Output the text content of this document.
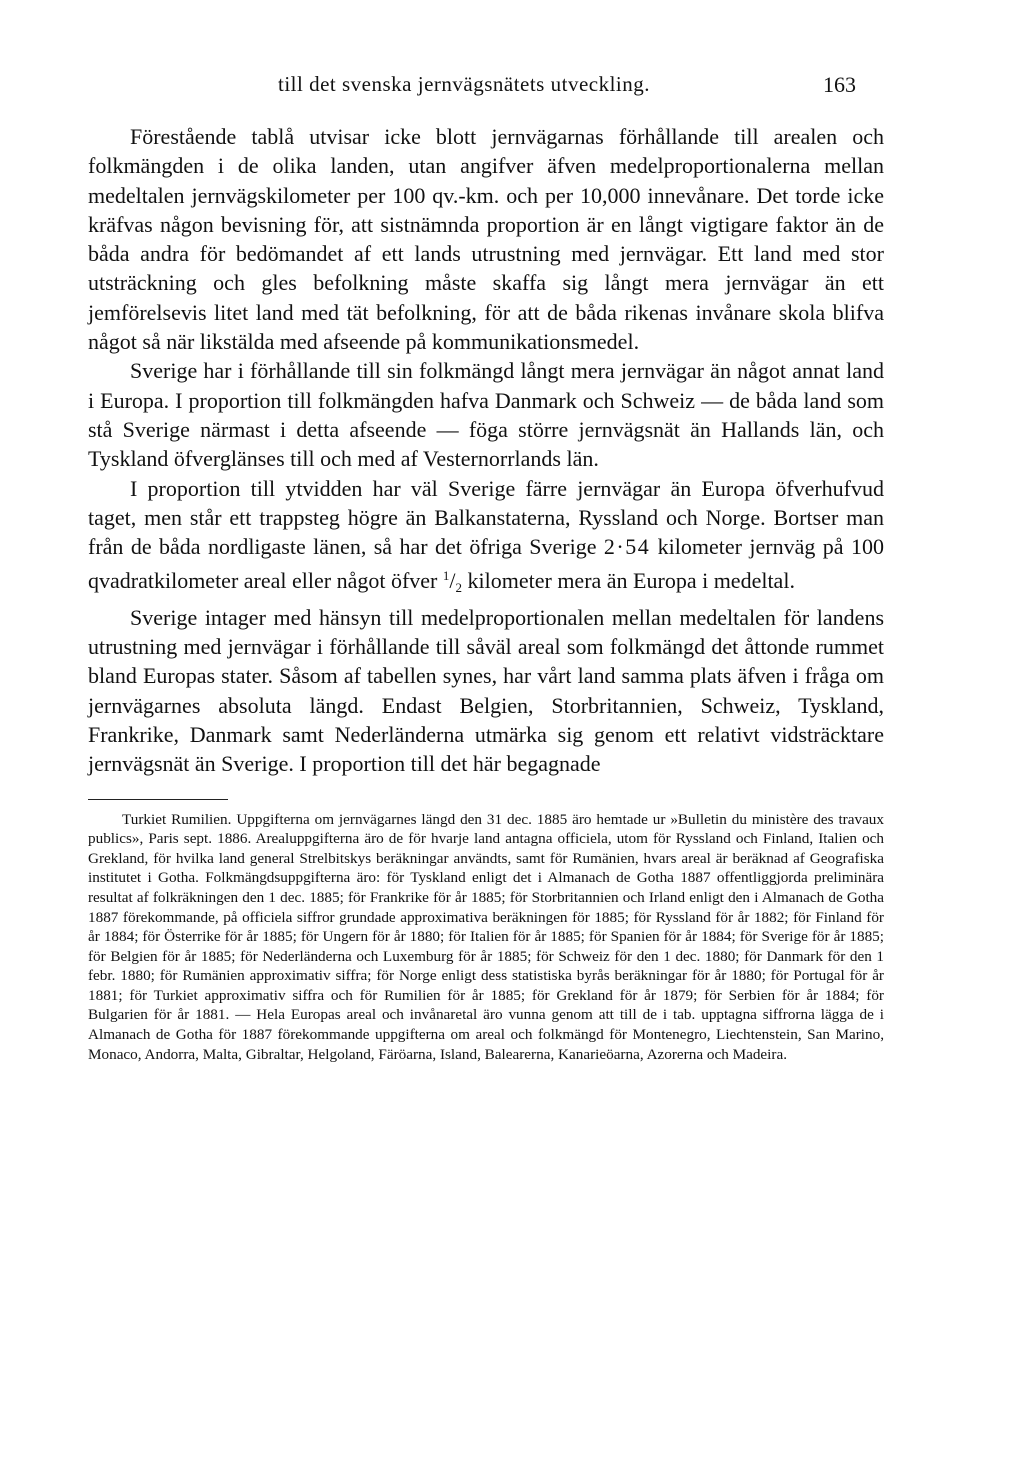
till det svenska jernvägsnätets utveckling.	163

Förestående tablå utvisar icke blott jernvägarnas förhållande till arealen och folkmängden i de olika landen, utan angifver äfven medelproportionalerna mellan medeltalen jernvägskilometer per 100 qv.-km. och per 10,000 innevånare. Det torde icke kräfvas någon bevisning för, att sistnämnda proportion är en långt vigtigare faktor än de båda andra för bedömandet af ett lands utrustning med jernvägar. Ett land med stor utsträckning och gles befolkning måste skaffa sig långt mera jernvägar än ett jemförelsevis litet land med tät befolkning, för att de båda rikenas invånare skola blifva något så när likstälda med afseende på kommunikationsmedel.

Sverige har i förhållande till sin folkmängd långt mera jernvägar än något annat land i Europa. I proportion till folkmängden hafva Danmark och Schweiz — de båda land som stå Sverige närmast i detta afseende — föga större jernvägsnät än Hallands län, och Tyskland öfverglänses till och med af Vesternorrlands län.

I proportion till ytvidden har väl Sverige färre jernvägar än Europa öfverhufvud taget, men står ett trappsteg högre än Balkanstaterna, Ryssland och Norge. Bortser man från de båda nordligaste länen, så har det öfriga Sverige 2·54 kilometer jernväg på 100 qvadratkilometer areal eller något öfver $^1/_2$ kilometer mera än Europa i medeltal.

Sverige intager med hänsyn till medelproportionalen mellan medeltalen för landens utrustning med jernvägar i förhållande till såväl areal som folkmängd det åttonde rummet bland Europas stater. Såsom af tabellen synes, har vårt land samma plats äfven i fråga om jernvägarnes absoluta längd. Endast Belgien, Storbritannien, Schweiz, Tyskland, Frankrike, Danmark samt Nederländerna utmärka sig genom ett relativt vidsträcktare jernvägsnät än Sverige. I proportion till det här begagnade

Turkiet Rumilien. Uppgifterna om jernvägarnes längd den 31 dec. 1885 äro hemtade ur »Bulletin du ministère des travaux publics», Paris sept. 1886. Arealuppgifterna äro de för hvarje land antagna officiela, utom för Ryssland och Finland, Italien och Grekland, för hvilka land general Strelbitskys beräkningar användts, samt för Rumänien, hvars areal är beräknad af Geografiska institutet i Gotha. Folkmängdsuppgifterna äro: för Tyskland enligt det i Almanach de Gotha 1887 offentliggjorda preliminära resultat af folkräkningen den 1 dec. 1885; för Frankrike för år 1885; för Storbritannien och Irland enligt den i Almanach de Gotha 1887 förekommande, på officiela siffror grundade approximativa beräkningen för 1885; för Ryssland för år 1882; för Finland för år 1884; för Österrike för år 1885; för Ungern för år 1880; för Italien för år 1885; för Spanien för år 1884; för Sverige för år 1885; för Belgien för år 1885; för Nederländerna och Luxemburg för år 1885; för Schweiz för den 1 dec. 1880; för Danmark för den 1 febr. 1880; för Rumänien approximativ siffra; för Norge enligt dess statistiska byrås beräkningar för år 1880; för Portugal för år 1881; för Turkiet approximativ siffra och för Rumilien för år 1885; för Grekland för år 1879; för Serbien för år 1884; för Bulgarien för år 1881. — Hela Europas areal och invånaretal äro vunna genom att till de i tab. upptagna siffrorna lägga de i Almanach de Gotha för 1887 förekommande uppgifterna om areal och folkmängd för Montenegro, Liechtenstein, San Marino, Monaco, Andorra, Malta, Gibraltar, Helgoland, Färöarna, Island, Balearerna, Kanarieöarna, Azorerna och Madeira.
